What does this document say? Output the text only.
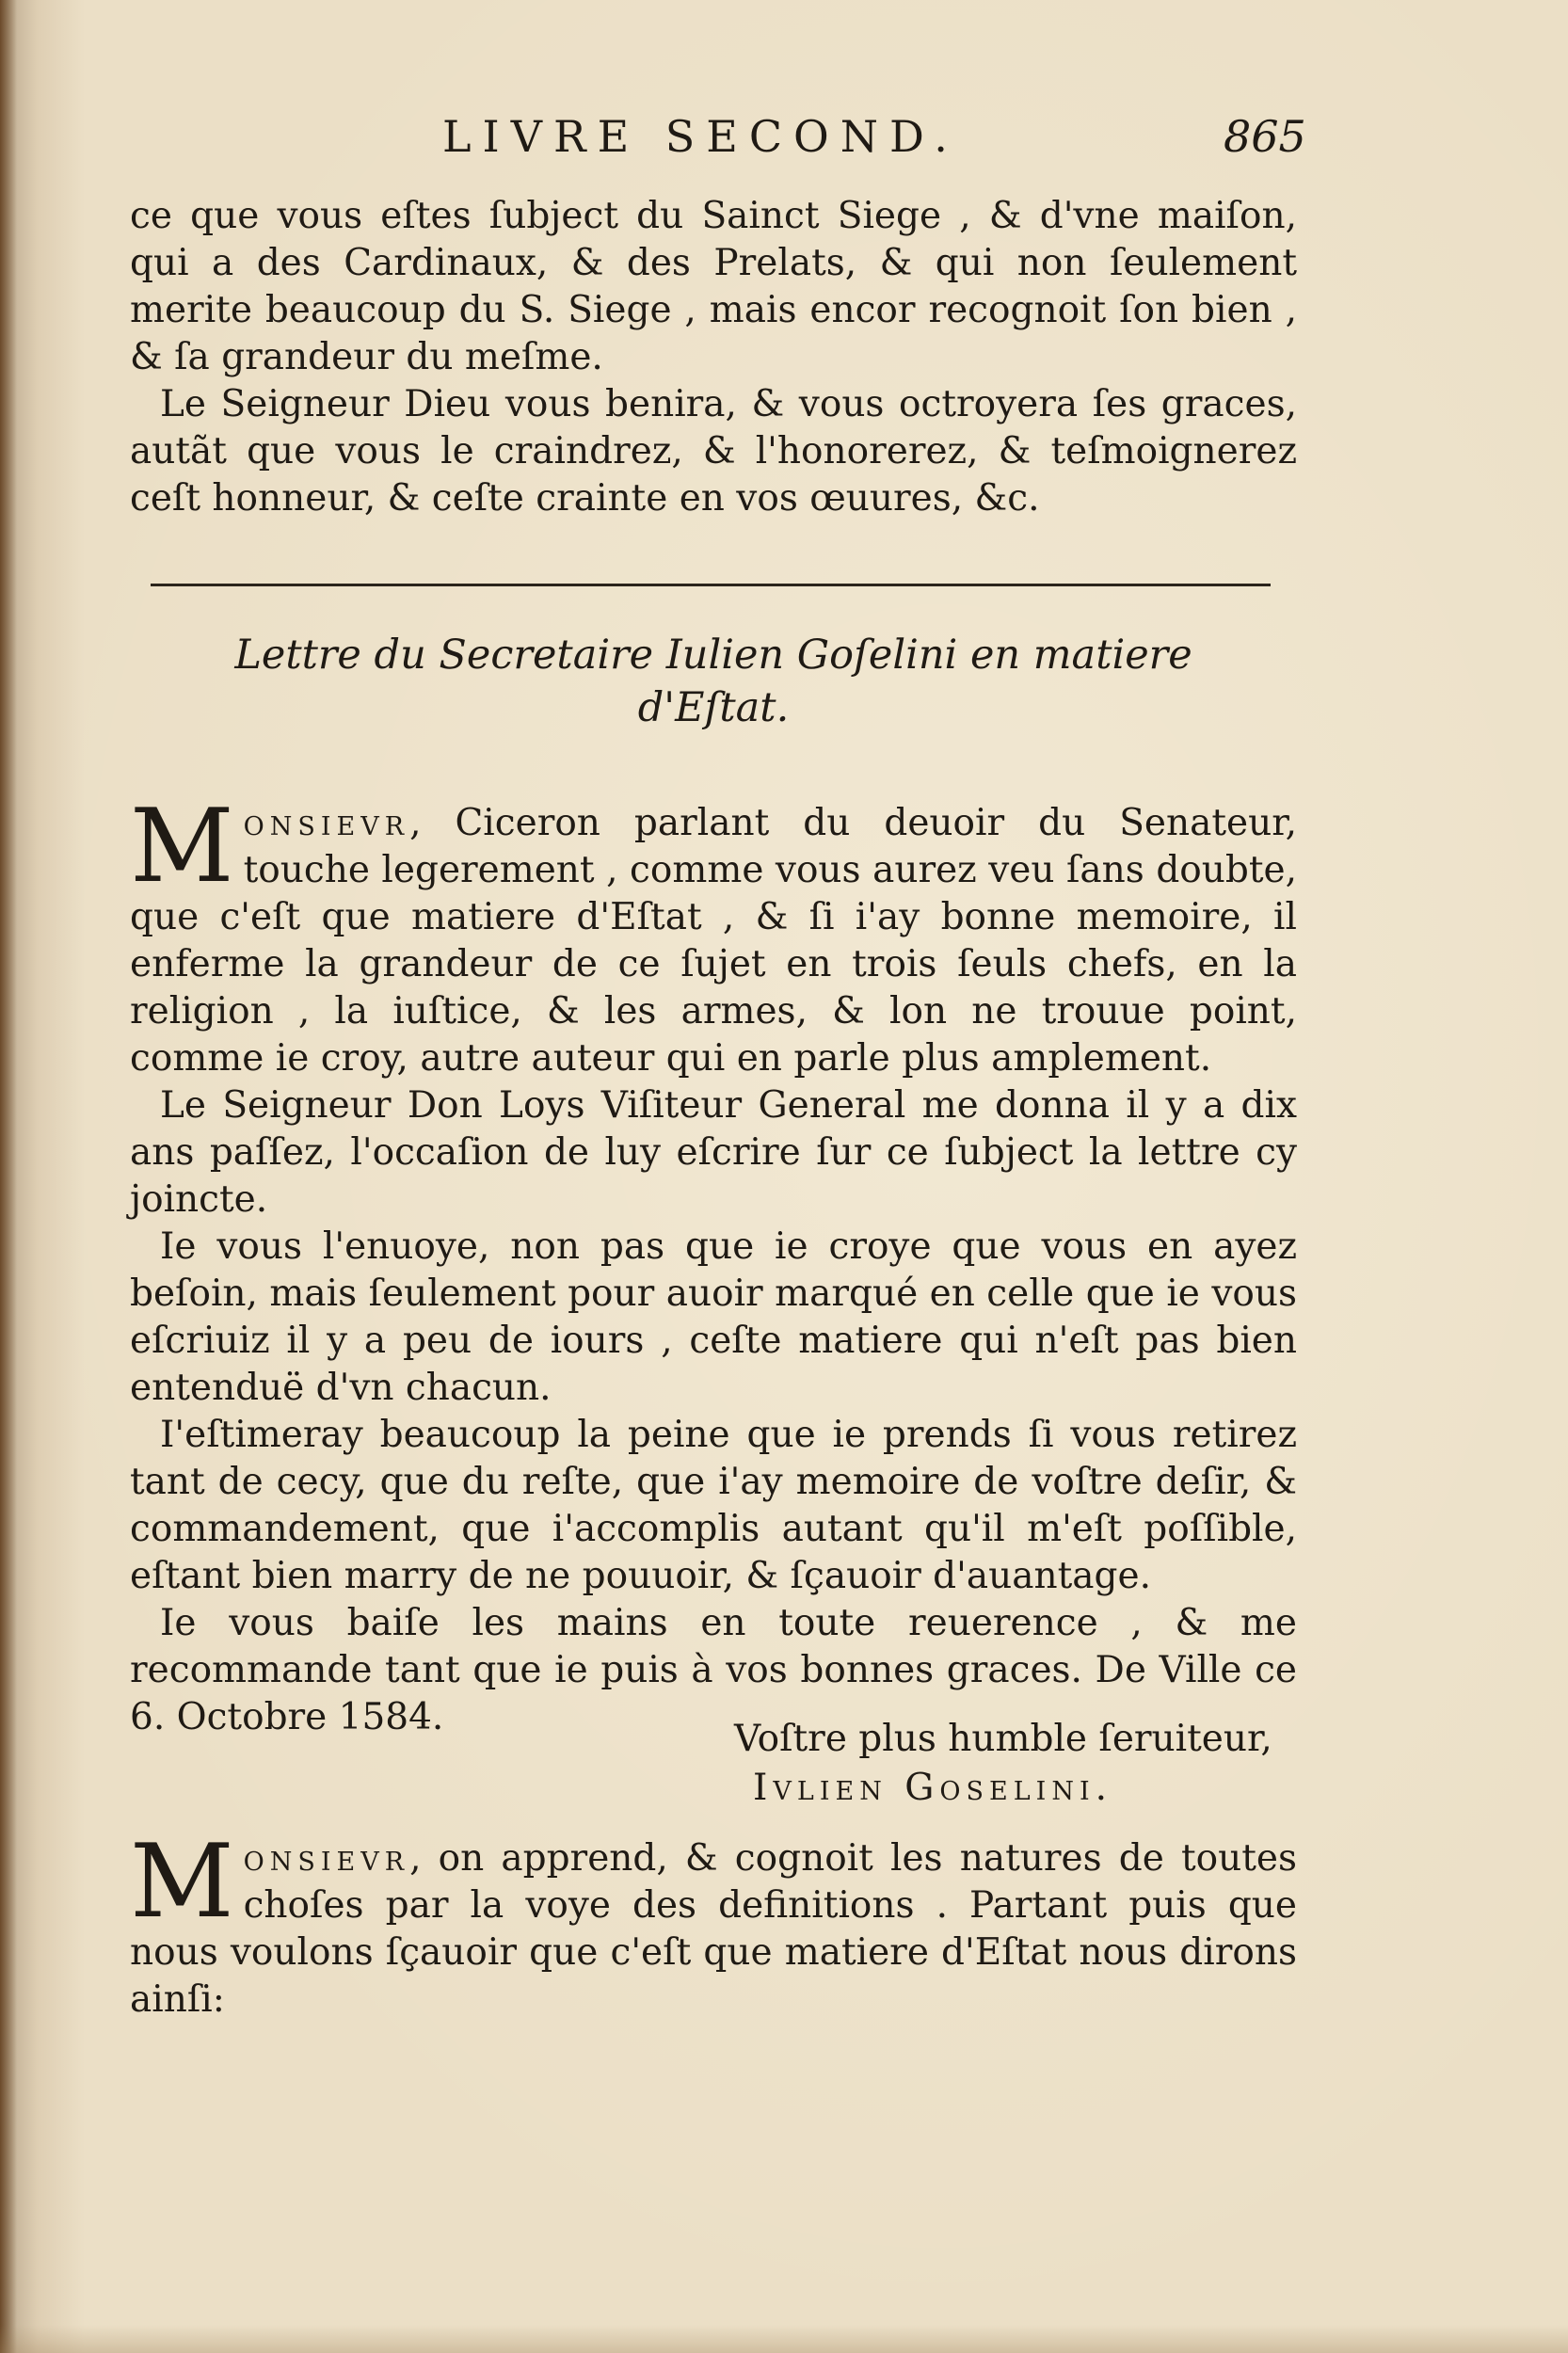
LIVRE SECOND.	865

ce que vous eſtes ſubject du Sainct Siege , & d'vne maiſon, qui a des Cardinaux, & des Prelats, & qui non ſeulement merite beaucoup du S. Siege , mais encor recognoit ſon bien , & ſa grandeur du meſme.

Le Seigneur Dieu vous benira, & vous octroyera ſes graces, autãt que vous le craindrez, & l'honorerez, & teſmoignerez ceſt honneur, & ceſte crainte en vos œuures, &c.

Lettre du Secretaire Iulien Goſelini en matiere
d'Eſtat.
M onsievr, Ciceron parlant du deuoir du Senateur, touche legerement , comme vous aurez veu ſans doubte, que c'eſt que matiere d'Eſtat , & ſi i'ay bonne memoire, il enferme la grandeur de ce ſujet en trois ſeuls chefs, en la religion , la iuſtice, & les armes, & lon ne trouue point, comme ie croy, autre auteur qui en parle plus amplement.

Le Seigneur Don Loys Viſiteur General me donna il y a dix ans paſſez, l'occaſion de luy eſcrire ſur ce ſubject la lettre cy joincte.

Ie vous l'enuoye, non pas que ie croye que vous en ayez beſoin, mais ſeulement pour auoir marqué en celle que ie vous eſcriuiz il y a peu de iours , ceſte matiere qui n'eſt pas bien entenduë d'vn chacun.

I'eſtimeray beaucoup la peine que ie prends ſi vous retirez tant de cecy, que du reſte, que i'ay memoire de voſtre deſir, & commandement, que i'accomplis autant qu'il m'eſt poſſible, eſtant bien marry de ne pouuoir, & ſçauoir d'auantage.

Ie vous baiſe les mains en toute reuerence , & me recommande tant que ie puis à vos bonnes graces. De Ville ce 6. Octobre 1584.

Voſtre plus humble ſeruiteur,
Ivlien Goselini.
M onsievr, on apprend, & cognoit les natures de toutes choſes par la voye des definitions . Partant puis que nous voulons ſçauoir que c'eſt que matiere d'Eſtat nous dirons ainſi:
